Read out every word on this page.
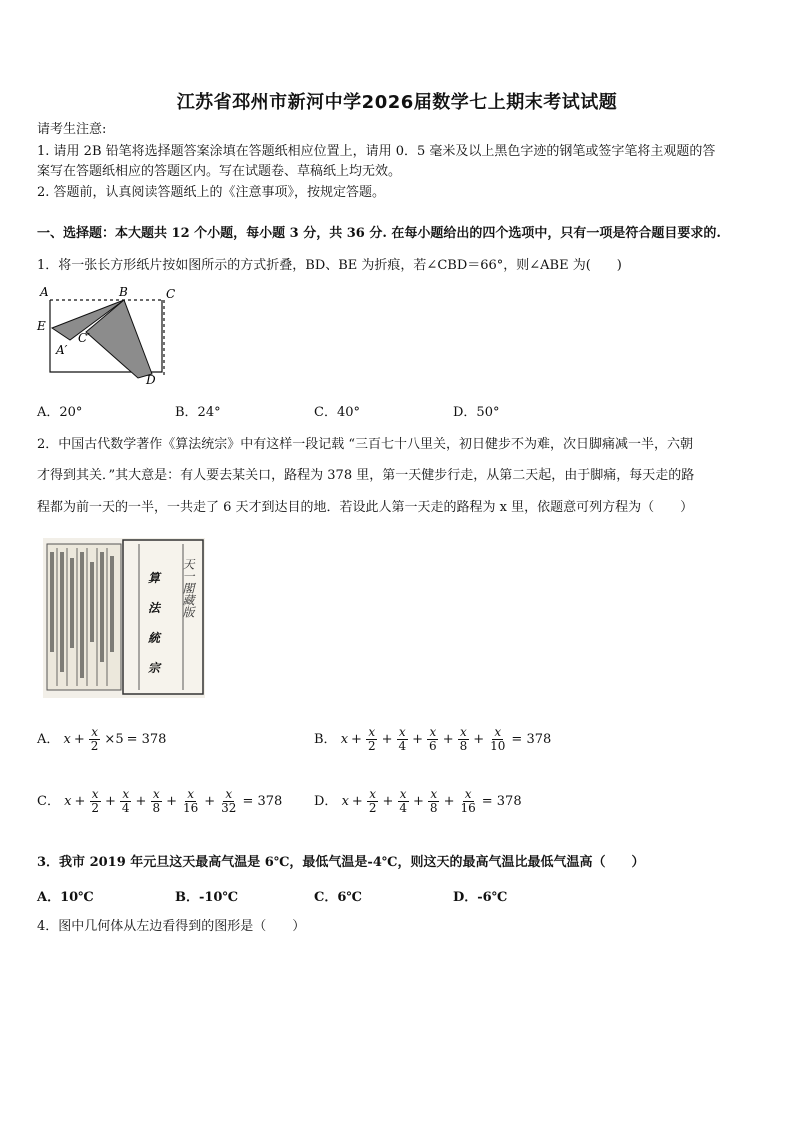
江苏省邳州市新河中学2026届数学七上期末考试试题
请考生注意:
1. 请用 2B 铅笔将选择题答案涂填在答题纸相应位置上，请用 0．5 毫米及以上黑色字迹的钢笔或签字笔将主观题的答
案写在答题纸相应的答题区内。写在试题卷、草稿纸上均无效。
2. 答题前，认真阅读答题纸上的《注意事项》，按规定答题。
一、选择题：本大题共 12 个小题，每小题 3 分，共 36 分. 在每小题给出的四个选项中，只有一项是符合题目要求的.
1．将一张长方形纸片按如图所示的方式折叠，BD、BE 为折痕，若∠CBD＝66°，则∠ABE 为(　　)
A	B	C
E
A′
C′
D
A．20°	B．24°	C．40°	D．50°
2．中国古代数学著作《算法统宗》中有这样一段记载 “三百七十八里关，初日健步不为难，次日脚痛减一半，六朝
才得到其关．”其大意是：有人要去某关口，路程为 378 里，第一天健步行走，从第二天起，由于脚痛，每天走的路
程都为前一天的一半，一共走了 6 天才到达目的地．若设此人第一天走的路程为 x 里，依题意可列方程为（　　）
算
法
統
宗
天一閣藏版
A． $x + \frac{x}{2} \times 5 = 378$	B． $x + \frac{x}{2} + \frac{x}{4} + \frac{x}{6} + \frac{x}{8} + \frac{x}{10} = 378$
C． $x + \frac{x}{2} + \frac{x}{4} + \frac{x}{8} + \frac{x}{16} + \frac{x}{32} = 378$ D． $x + \frac{x}{2} + \frac{x}{4} + \frac{x}{8} + \frac{x}{16} = 378$
3．我市 2019 年元旦这天最高气温是 6℃，最低气温是-4℃，则这天的最高气温比最低气温高（　　）
A．10℃	B．-10℃	C．6℃	D．-6℃
4．图中几何体从左边看得到的图形是（　　）
